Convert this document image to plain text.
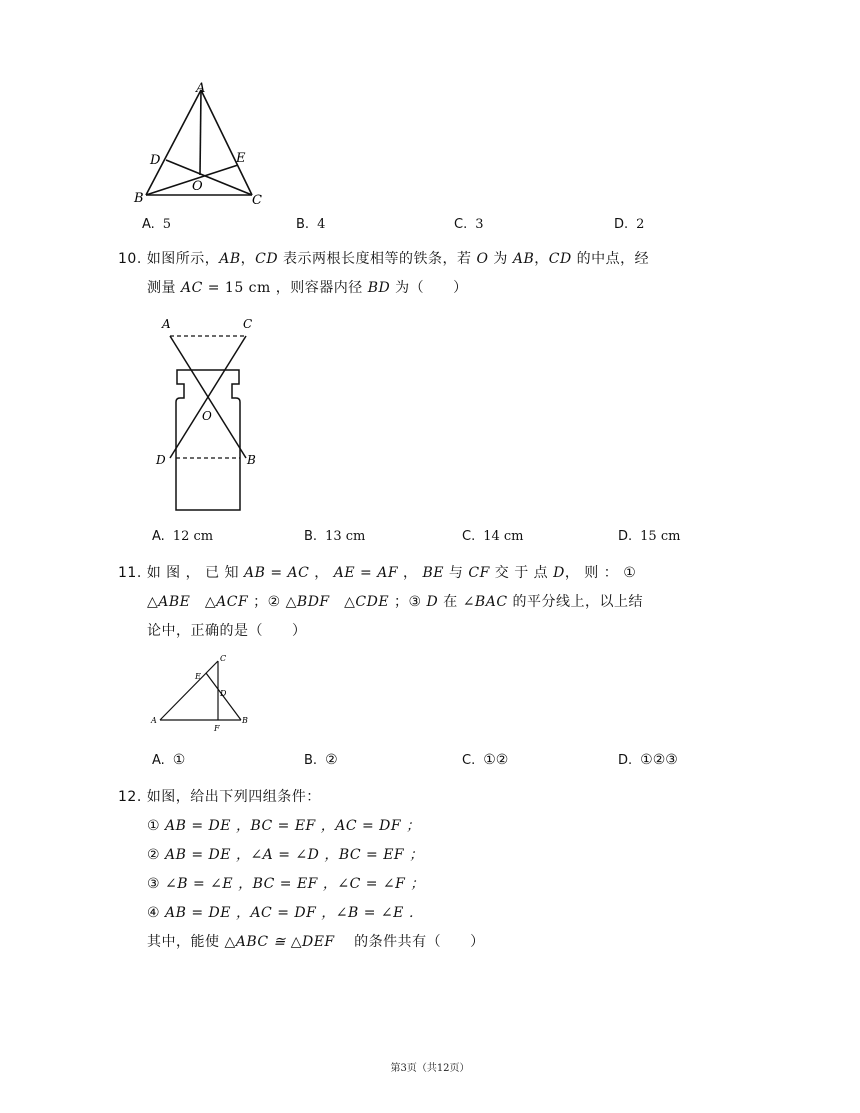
A
D	E
O
B	C
A. 5	B. 4	C. 3	D. 2
10. 如图所示，AB，CD 表示两根长度相等的铁条，若 O 为 AB，CD 的中点，经
测量 AC = 15 cm ，则容器内径 BD 为（　　）
A	C
O
D	B
A. 12 cm	B. 13 cm	C. 14 cm	D. 15 cm
11. 如 图 ， 已 知 AB = AC ， AE = AF ， BE 与 CF 交 于 点 D， 则 ： ①
△ABE　 △ACF ；② △BDF　 △CDE ；③ D 在 ∠BAC 的平分线上，以上结
论中，正确的是（　　）
C
E
D
A	B
F
A. ①	B. ②	C. ①②	D. ①②③
12. 如图，给出下列四组条件：
① AB = DE ，BC = EF ，AC = DF ；
② AB = DE ，∠A = ∠D ，BC = EF ；
③ ∠B = ∠E ，BC = EF ，∠C = ∠F ；
④ AB = DE ，AC = DF ，∠B = ∠E ．
其中，能使 △ABC ≅ △DEF 　的条件共有（　　）
第3页（共12页）
